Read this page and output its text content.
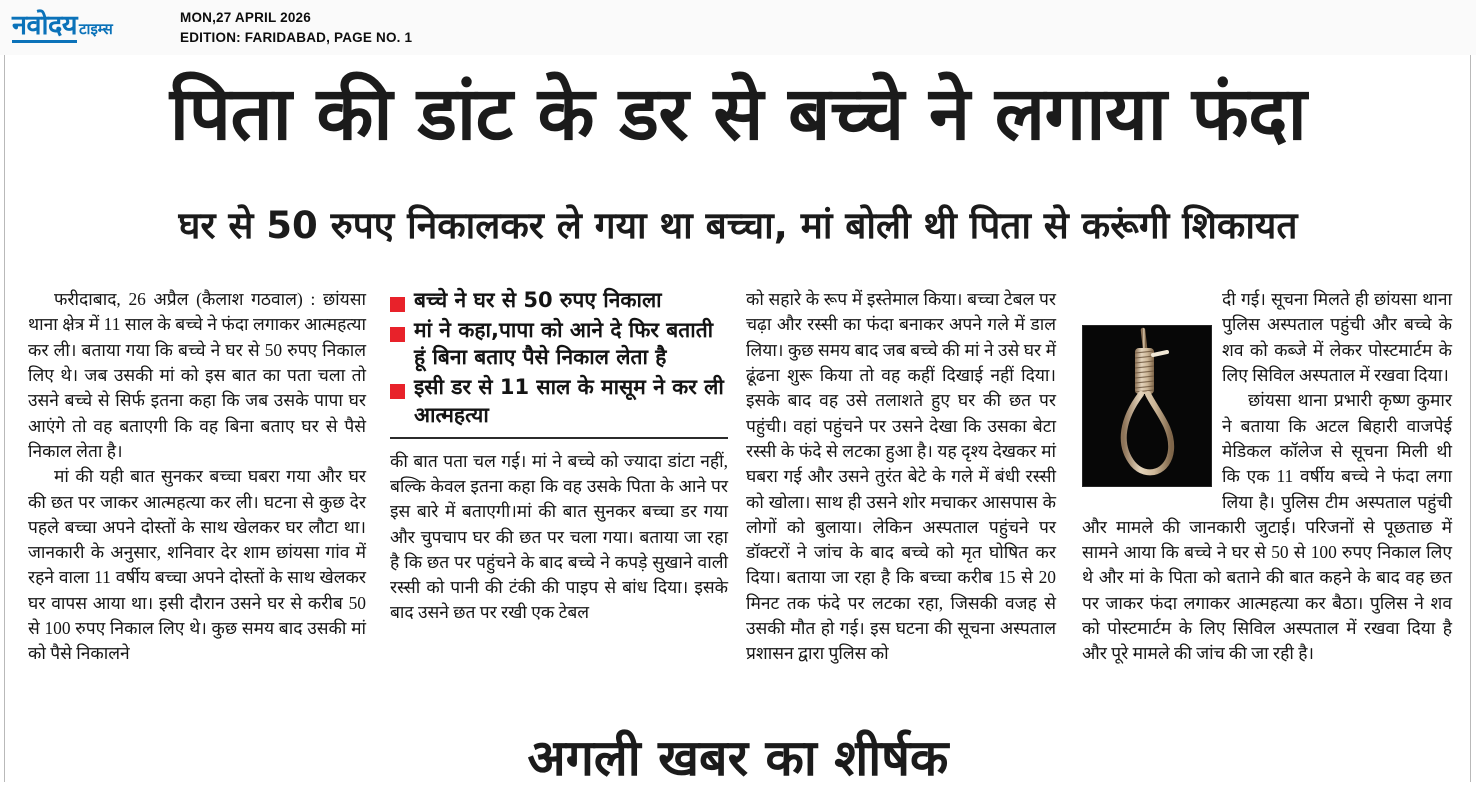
नवोदय टाइम्स
MON,27 APRIL 2026
EDITION: FARIDABAD, PAGE NO. 1
पिता की डांट के डर से बच्चे ने लगाया फंदा
घर से 50 रुपए निकालकर ले गया था बच्चा, मां बोली थी पिता से करूंगी शिकायत

फरीदाबाद, 26 अप्रैल (कैलाश गठवाल) : छांयसा थाना क्षेत्र में 11 साल के बच्चे ने फंदा लगाकर आत्महत्या कर ली। बताया गया कि बच्चे ने घर से 50 रुपए निकाल लिए थे। जब उसकी मां को इस बात का पता चला तो उसने बच्चे से सिर्फ इतना कहा कि जब उसके पापा घर आएंगे तो वह बताएगी कि वह बिना बताए घर से पैसे निकाल लेता है।

मां की यही बात सुनकर बच्चा घबरा गया और घर की छत पर जाकर आत्महत्या कर ली। घटना से कुछ देर पहले बच्चा अपने दोस्तों के साथ खेलकर घर लौटा था। जानकारी के अनुसार, शनिवार देर शाम छांयसा गांव में रहने वाला 11 वर्षीय बच्चा अपने दोस्तों के साथ खेलकर घर वापस आया था। इसी दौरान उसने घर से करीब 50 से 100 रुपए निकाल लिए थे। कुछ समय बाद उसकी मां को पैसे निकालने

बच्चे ने घर से 50 रुपए निकाला
मां ने कहा,पापा को आने दे फिर बताती हूं बिना बताए पैसे निकाल लेता है
इसी डर से 11 साल के मासूम ने कर ली आत्महत्या

की बात पता चल गई। मां ने बच्चे को ज्यादा डांटा नहीं, बल्कि केवल इतना कहा कि वह उसके पिता के आने पर इस बारे में बताएगी।मां की बात सुनकर बच्चा डर गया और चुपचाप घर की छत पर चला गया। बताया जा रहा है कि छत पर पहुंचने के बाद बच्चे ने कपड़े सुखाने वाली रस्सी को पानी की टंकी की पाइप से बांध दिया। इसके बाद उसने छत पर रखी एक टेबल

को सहारे के रूप में इस्तेमाल किया। बच्चा टेबल पर चढ़ा और रस्सी का फंदा बनाकर अपने गले में डाल लिया। कुछ समय बाद जब बच्चे की मां ने उसे घर में ढूंढना शुरू किया तो वह कहीं दिखाई नहीं दिया। इसके बाद वह उसे तलाशते हुए घर की छत पर पहुंची। वहां पहुंचने पर उसने देखा कि उसका बेटा रस्सी के फंदे से लटका हुआ है। यह दृश्य देखकर मां घबरा गई और उसने तुरंत बेटे के गले में बंधी रस्सी को खोला। साथ ही उसने शोर मचाकर आसपास के लोगों को बुलाया। लेकिन अस्पताल पहुंचने पर डॉक्टरों ने जांच के बाद बच्चे को मृत घोषित कर दिया। बताया जा रहा है कि बच्चा करीब 15 से 20 मिनट तक फंदे पर लटका रहा, जिसकी वजह से उसकी मौत हो गई। इस घटना की सूचना अस्पताल प्रशासन द्वारा पुलिस को

दी गई। सूचना मिलते ही छांयसा थाना पुलिस अस्पताल पहुंची और बच्चे के शव को कब्जे में लेकर पोस्टमार्टम के लिए सिविल अस्पताल में रखवा दिया।

छांयसा थाना प्रभारी कृष्ण कुमार ने बताया कि अटल बिहारी वाजपेई मेडिकल कॉलेज से सूचना मिली थी कि एक 11 वर्षीय बच्चे ने फंदा लगा लिया है। पुलिस टीम अस्पताल पहुंची और मामले की जानकारी जुटाई। परिजनों से पूछताछ में सामने आया कि बच्चे ने घर से 50 से 100 रुपए निकाल लिए थे और मां के पिता को बताने की बात कहने के बाद वह छत पर जाकर फंदा लगाकर आत्महत्या कर बैठा। पुलिस ने शव को पोस्टमार्टम के लिए सिविल अस्पताल में रखवा दिया है और पूरे मामले की जांच की जा रही है।

अगली खबर का शीर्षक
